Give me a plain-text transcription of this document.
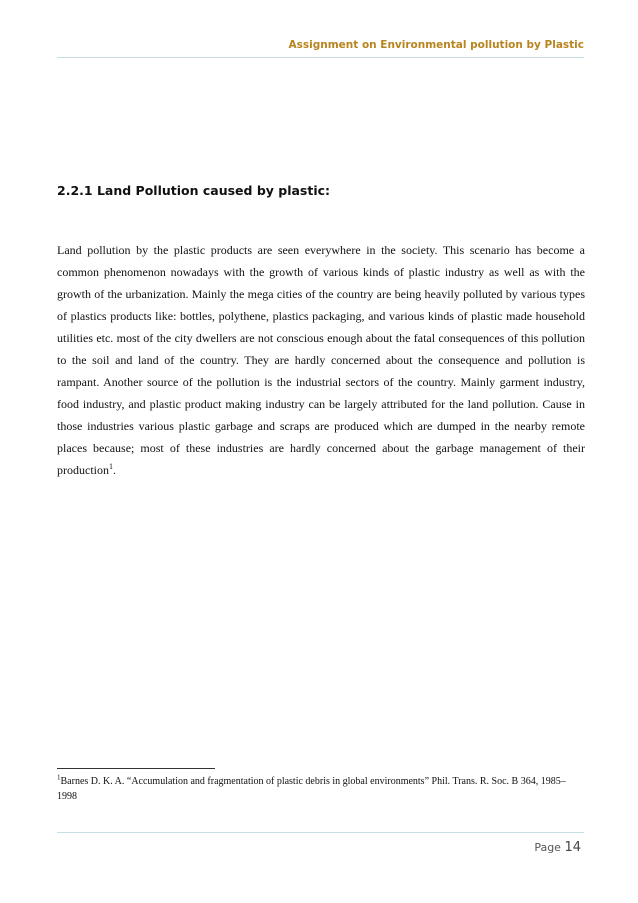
Assignment on Environmental pollution by Plastic
2.2.1 Land Pollution caused by plastic:

Land pollution by the plastic products are seen everywhere in the society. This scenario has become a common phenomenon nowadays with the growth of various kinds of plastic industry as well as with the growth of the urbanization. Mainly the mega cities of the country are being heavily polluted by various types of plastics products like: bottles, polythene, plastics packaging, and various kinds of plastic made household utilities etc. most of the city dwellers are not conscious enough about the fatal consequences of this pollution to the soil and land of the country. They are hardly concerned about the consequence and pollution is rampant. Another source of the pollution is the industrial sectors of the country. Mainly garment industry, food industry, and plastic product making industry can be largely attributed for the land pollution. Cause in those industries various plastic garbage and scraps are produced which are dumped in the nearby remote places because; most of these industries are hardly concerned about the garbage management of their production$^1$.

$^1$Barnes D. K. A. “Accumulation and fragmentation of plastic debris in global environments” Phil. Trans. R. Soc. B 364, 1985–1998

Page 14
